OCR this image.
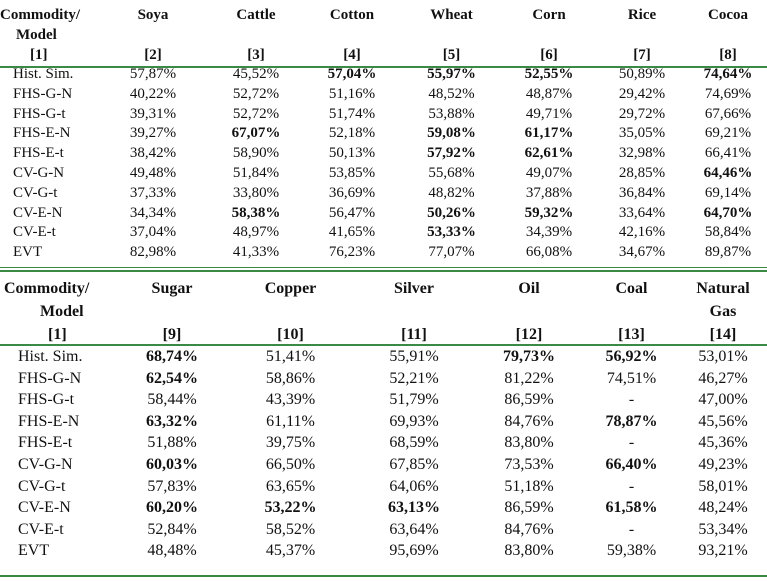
Commodity/	Soya	Cattle	Cotton	Wheat	Corn	Rice	Cocoa
Model							
[1]	[2]	[3]	[4]	[5]	[6]	[7]	[8]
Hist. Sim.	57,87%	45,52%	57,04%	55,97%	52,55%	50,89%	74,64%
FHS-G-N	40,22%	52,72%	51,16%	48,52%	48,87%	29,42%	74,69%
FHS-G-t	39,31%	52,72%	51,74%	53,88%	49,71%	29,72%	67,66%
FHS-E-N	39,27%	67,07%	52,18%	59,08%	61,17%	35,05%	69,21%
FHS-E-t	38,42%	58,90%	50,13%	57,92%	62,61%	32,98%	66,41%
CV-G-N	49,48%	51,84%	53,85%	55,68%	49,07%	28,85%	64,46%
CV-G-t	37,33%	33,80%	36,69%	48,82%	37,88%	36,84%	69,14%
CV-E-N	34,34%	58,38%	56,47%	50,26%	59,32%	33,64%	64,70%
CV-E-t	37,04%	48,97%	41,65%	53,33%	34,39%	42,16%	58,84%
EVT	82,98%	41,33%	76,23%	77,07%	66,08%	34,67%	89,87%
Commodity/	Sugar	Copper	Silver	Oil	Coal	Natural
Model						Gas
[1]	[9]	[10]	[11]	[12]	[13]	[14]
Hist. Sim.	68,74%	51,41%	55,91%	79,73%	56,92%	53,01%
FHS-G-N	62,54%	58,86%	52,21%	81,22%	74,51%	46,27%
FHS-G-t	58,44%	43,39%	51,79%	86,59%	-	47,00%
FHS-E-N	63,32%	61,11%	69,93%	84,76%	78,87%	45,56%
FHS-E-t	51,88%	39,75%	68,59%	83,80%	-	45,36%
CV-G-N	60,03%	66,50%	67,85%	73,53%	66,40%	49,23%
CV-G-t	57,83%	63,65%	64,06%	51,18%	-	58,01%
CV-E-N	60,20%	53,22%	63,13%	86,59%	61,58%	48,24%
CV-E-t	52,84%	58,52%	63,64%	84,76%	-	53,34%
EVT	48,48%	45,37%	95,69%	83,80%	59,38%	93,21%
